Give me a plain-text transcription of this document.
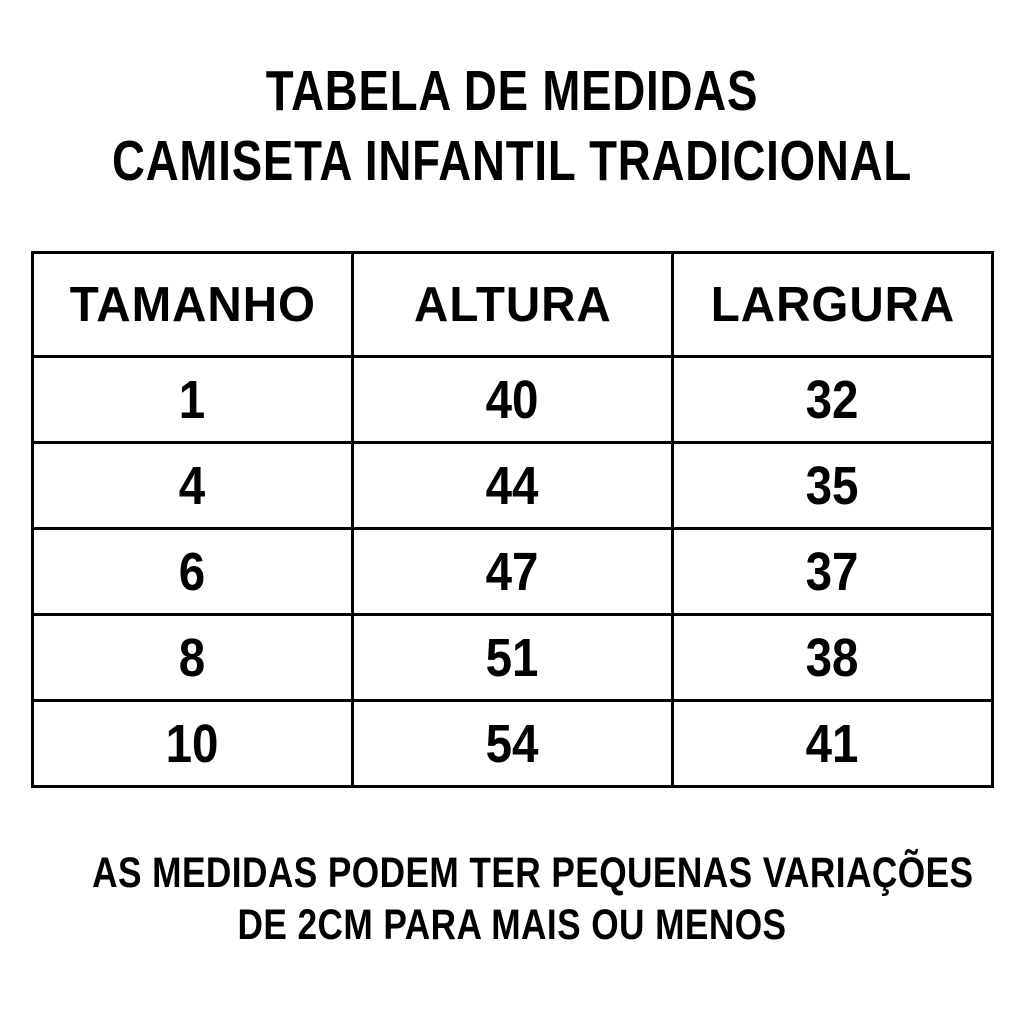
TABELA DE MEDIDAS
CAMISETA INFANTIL TRADICIONAL
TAMANHO	ALTURA	LARGURA
1	40	32
4	44	35
6	47	37
8	51	38
10	54	41
AS MEDIDAS PODEM TER PEQUENAS VARIAÇÕES
DE 2CM PARA MAIS OU MENOS
